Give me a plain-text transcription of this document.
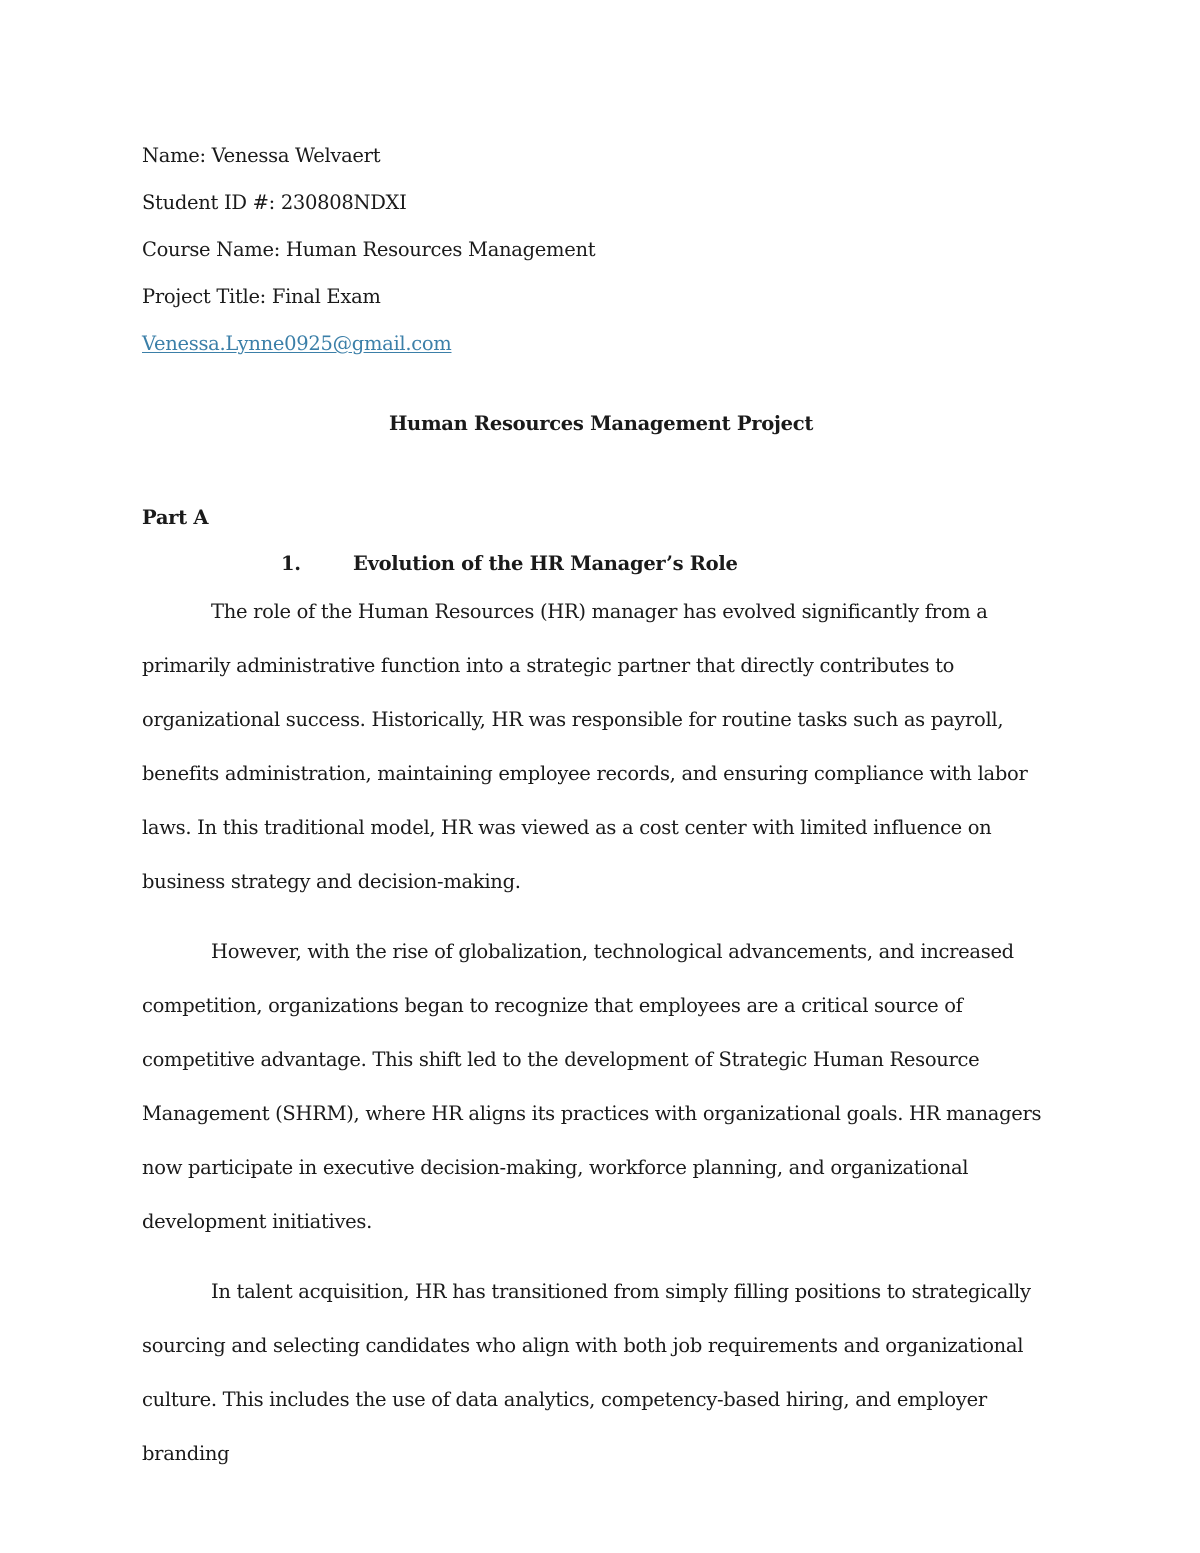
Name: Venessa Welvaert
Student ID #: 230808NDXI
Course Name: Human Resources Management
Project Title: Final Exam
Venessa.Lynne0925@gmail.com
Human Resources Management Project
Part A
1.	Evolution of the HR Manager’s Role

The role of the Human Resources (HR) manager has evolved significantly from a primarily administrative function into a strategic partner that directly contributes to organizational success. Historically, HR was responsible for routine tasks such as payroll, benefits administration, maintaining employee records, and ensuring compliance with labor laws. In this traditional model, HR was viewed as a cost center with limited influence on business strategy and decision-making.

However, with the rise of globalization, technological advancements, and increased competition, organizations began to recognize that employees are a critical source of competitive advantage. This shift led to the development of Strategic Human Resource Management (SHRM), where HR aligns its practices with organizational goals. HR managers now participate in executive decision-making, workforce planning, and organizational development initiatives.

In talent acquisition, HR has transitioned from simply filling positions to strategically sourcing and selecting candidates who align with both job requirements and organizational culture. This includes the use of data analytics, competency-based hiring, and employer branding
